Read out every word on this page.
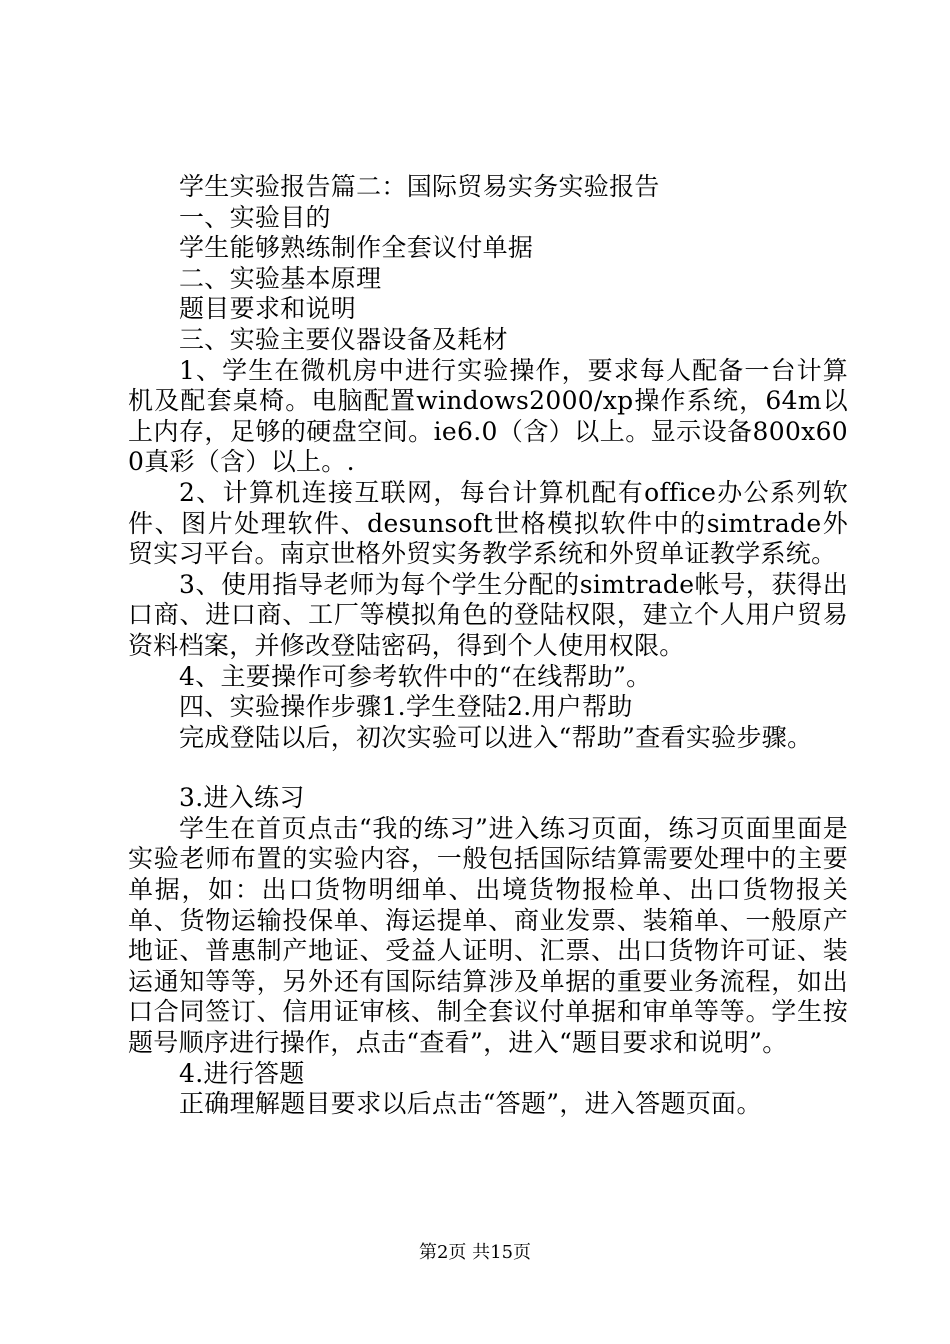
学生实验报告篇二：国际贸易实务实验报告

一、实验目的

学生能够熟练制作全套议付单据

二、实验基本原理

题目要求和说明

三、实验主要仪器设备及耗材

1、学生在微机房中进行实验操作，要求每人配备一台计算机及配套桌椅。电脑配置windows2000/xp操作系统，64m以上内存，足够的硬盘空间。ie6.0（含）以上。显示设备800x600真彩（含）以上。.

2、计算机连接互联网，每台计算机配有office办公系列软件、图片处理软件、desunsoft世格模拟软件中的simtrade外贸实习平台。南京世格外贸实务教学系统和外贸单证教学系统。

3、使用指导老师为每个学生分配的simtrade帐号，获得出口商、进口商、工厂等模拟角色的登陆权限，建立个人用户贸易资料档案，并修改登陆密码，得到个人使用权限。

4、主要操作可参考软件中的“在线帮助”。

四、实验操作步骤1.学生登陆2.用户帮助

完成登陆以后，初次实验可以进入“帮助”查看实验步骤。

3.进入练习

学生在首页点击“我的练习”进入练习页面，练习页面里面是实验老师布置的实验内容，一般包括国际结算需要处理中的主要单据，如：出口货物明细单、出境货物报检单、出口货物报关单、货物运输投保单、海运提单、商业发票、装箱单、一般原产地证、普惠制产地证、受益人证明、汇票、出口货物许可证、装运通知等等，另外还有国际结算涉及单据的重要业务流程，如出口合同签订、信用证审核、制全套议付单据和审单等等。学生按题号顺序进行操作，点击“查看”，进入“题目要求和说明”。

4.进行答题

正确理解题目要求以后点击“答题”，进入答题页面。

第2页 共15页
